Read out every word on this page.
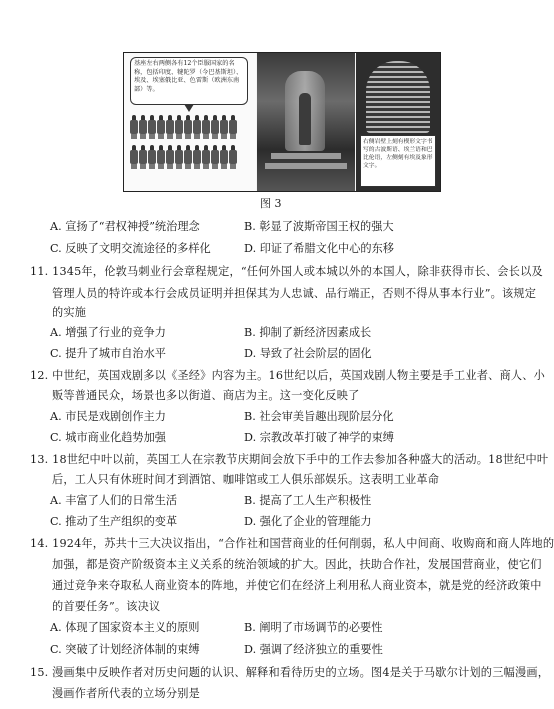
基座左右两侧各有12个臣服国家的名称，包括印度、犍陀罗（今巴基斯坦）、埃及、埃塞俄比亚、色雷斯（欧洲东南部）等。
右侧岩壁上刻有楔形文字书写的古波斯语、埃兰语和巴比伦语，左侧刻有埃及象形文字。
图 3
A. 宣扬了“君权神授”统治理念	B. 彰显了波斯帝国王权的强大
C. 反映了文明交流途径的多样化	D. 印证了希腊文化中心的东移
11. 1345年，伦敦马刺业行会章程规定，“任何外国人或本城以外的本国人，除非获得市长、会长以及
管理人员的特许或本行会成员证明并担保其为人忠诚、品行端正，否则不得从事本行业”。该规定
的实施
A. 增强了行业的竞争力	B. 抑制了新经济因素成长
C. 提升了城市自治水平	D. 导致了社会阶层的固化
12. 中世纪，英国戏剧多以《圣经》内容为主。16世纪以后，英国戏剧人物主要是手工业者、商人、小
贩等普通民众，场景也多以街道、商店为主。这一变化反映了
A. 市民是戏剧创作主力	B. 社会审美旨趣出现阶层分化
C. 城市商业化趋势加强	D. 宗教改革打破了神学的束缚
13. 18世纪中叶以前，英国工人在宗教节庆期间会放下手中的工作去参加各种盛大的活动。18世纪中叶
后，工人只有休班时间才到酒馆、咖啡馆或工人俱乐部娱乐。这表明工业革命
A. 丰富了人们的日常生活	B. 提高了工人生产积极性
C. 推动了生产组织的变革	D. 强化了企业的管理能力
14. 1924年，苏共十三大决议指出，“合作社和国营商业的任何削弱，私人中间商、收购商和商人阵地的
加强，都是资产阶级资本主义关系的统治领域的扩大。因此，扶助合作社，发展国营商业，使它们
通过竞争来夺取私人商业资本的阵地，并使它们在经济上利用私人商业资本，就是党的经济政策中
的首要任务”。该决议
A. 体现了国家资本主义的原则	B. 阐明了市场调节的必要性
C. 突破了计划经济体制的束缚	D. 强调了经济独立的重要性
15. 漫画集中反映作者对历史问题的认识、解释和看待历史的立场。图4是关于马歇尔计划的三幅漫画，
漫画作者所代表的立场分别是
